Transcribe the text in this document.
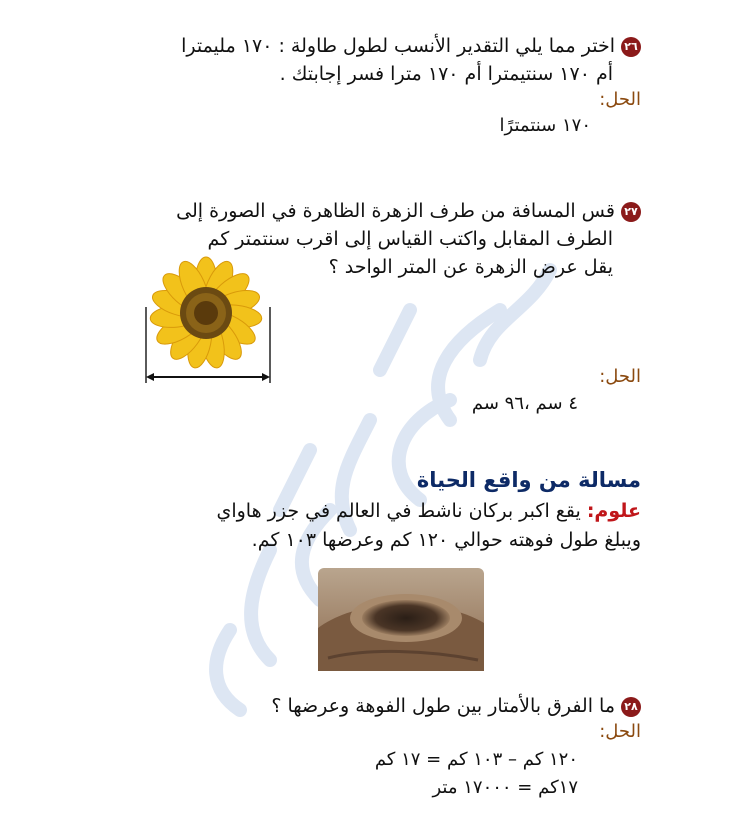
٢٦اختر مما يلي التقدير الأنسب لطول طاولة : ١٧٠ مليمترا
أم ١٧٠ سنتيمترا أم ١٧٠ مترا فسر إجابتك .
الحل:
١٧٠ سنتمترًا
٢٧قس المسافة من طرف الزهرة الظاهرة في الصورة إلى
الطرف المقابل واكتب القياس إلى اقرب سنتمتر كم
يقل عرض الزهرة عن المتر الواحد ؟
الحل:
٤ سم ،٩٦ سم
مسالة من واقع الحياة
علوم: يقع اكبر بركان ناشط في العالم في جزر هاواي
ويبلغ طول فوهته حوالي ١٢٠ كم وعرضها ١٠٣ كم.
٢٨ما الفرق بالأمتار بين طول الفوهة وعرضها ؟
الحل:
١٢٠ كم – ١٠٣ كم = ١٧ كم
١٧كم = ١٧٠٠٠ متر
